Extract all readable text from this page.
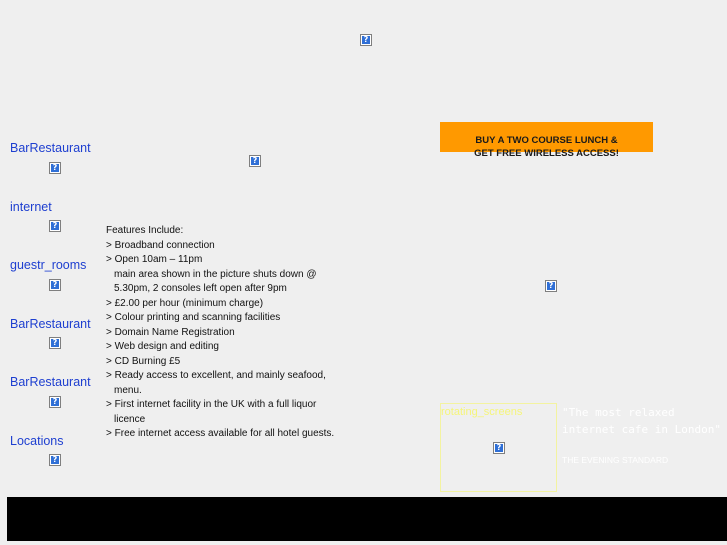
?
BarRestaurant
?
internet
?
guestr_rooms
?
BarRestaurant
?
BarRestaurant
?
Locations
?
?

Features Include:

> Broadband connection
> Open 10am – 11pm
main area shown in the picture shuts down @ 5.30pm, 2 consoles left open after 9pm
> £2.00 per hour (minimum charge)
> Colour printing and scanning facilities
> Domain Name Registration
> Web design and editing
> CD Burning £5
> Ready access to excellent, and mainly seafood, menu.
> First internet facility in the UK with a full liquor licence
> Free internet access available for all hotel guests.
BUY A TWO COURSE LUNCH &
GET FREE WIRELESS ACCESS!
?
rotating_screens
?
"The most relaxed internet cafe in London"
THE EVENING STANDARD
